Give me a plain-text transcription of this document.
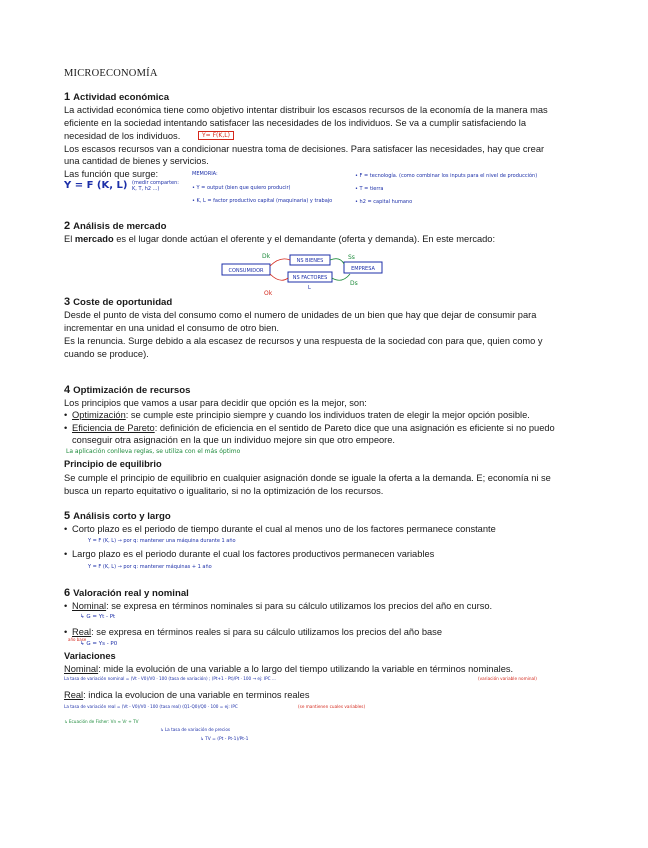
MICROECONOMÍA
1 Actividad económica
La actividad económica tiene como objetivo intentar distribuir los escasos recursos de la economía de la manera mas
eficiente en la sociedad intentando satisfacer las necesidades de los individuos. Se va a cumplir satisfaciendo la
necesidad de los individuos.	Y= F(K,L)
Los escasos recursos van a condicionar nuestra toma de decisiones. Para satisfacer las necesidades, hay que crear
una cantidad de bienes y servicios.
Las función que surge:
Y = F (K, L) (medir comparten: K, T, h2 ...)
MEMORIA:
• Y = output (bien que quiero producir)
• K, L = factor productivo capital (maquinaria) y trabajo
• F = tecnología. (como combinar los inputs para el nivel de producción)
• T = tierra
• h2 = capital humano
2 Análisis de mercado
El mercado es el lugar donde actúan el oferente y el demandante (oferta y demanda). En este mercado:
CONSUMIDOR
NS BIENES
NS FACTORES
EMPRESA
Dk
Ok
Ss
Ds
L
3 Coste de oportunidad
Desde el punto de vista del consumo como el numero de unidades de un bien que hay que dejar de consumir para
incrementar en una unidad el consumo de otro bien.
Es la renuncia. Surge debido a ala escasez de recursos y una respuesta de la sociedad con para que, quien como y
cuando se produce).
4 Optimización de recursos
Los principios que vamos a usar para decidir que opción es la mejor, son:
• Optimización: se cumple este principio siempre y cuando los individuos traten de elegir la mejor opción posible.
• Eficiencia de Pareto: definición de eficiencia en el sentido de Pareto dice que una asignación es eficiente si no puedo
conseguir otra asignación en la que un individuo mejore sin que otro empeore.
La aplicación conlleva reglas, se utiliza con el más óptimo
Principio de equilibrio
Se cumple el principio de equilibrio en cualquier asignación donde se iguale la oferta a la demanda. E; economía ni se
busca un reparto equitativo o igualitario, si no la optimización de los recursos.
5 Análisis corto y largo
• Corto plazo es el periodo de tiempo durante el cual al menos uno de los factores permanece constante
Y = F (K, L) → por q: mantener una máquina durante 1 año
• Largo plazo es el periodo durante el cual los factores productivos permanecen variables
Y = F (K, L) → por q: mantener máquinas + 1 año
6 Valoración real y nominal
• Nominal: se expresa en términos nominales si para su cálculo utilizamos los precios del año en curso.
↳ G = Yt - Pt
• Real: se expresa en términos reales si para su cálculo utilizamos los precios del año base
año base
↳ G = Ys - P0
Variaciones
Nominal: mide la evolución de una variable a lo largo del tiempo utilizando la variable en términos nominales.
La tasa de variación nominal = (Vt - V0)/V0 · 100 (tasa de variación) ; (Pt+1 - Pt)/Pt · 100 → ej: IPC ...	(variación variable nominal)
Real: indica la evolucion de una variable en terminos reales
La tasa de variación real = (Vt - V0)/V0 · 100 (tasa real) (Q1-Q0)/Q0 · 100 = ej: IPC	(se mantienen cuales variables)
↳ Ecuación de Fisher: Vn ≈ Vr + TV
↳ La tasa de variación de precios
↳ TV = (Pt - Pt-1)/Pt-1
